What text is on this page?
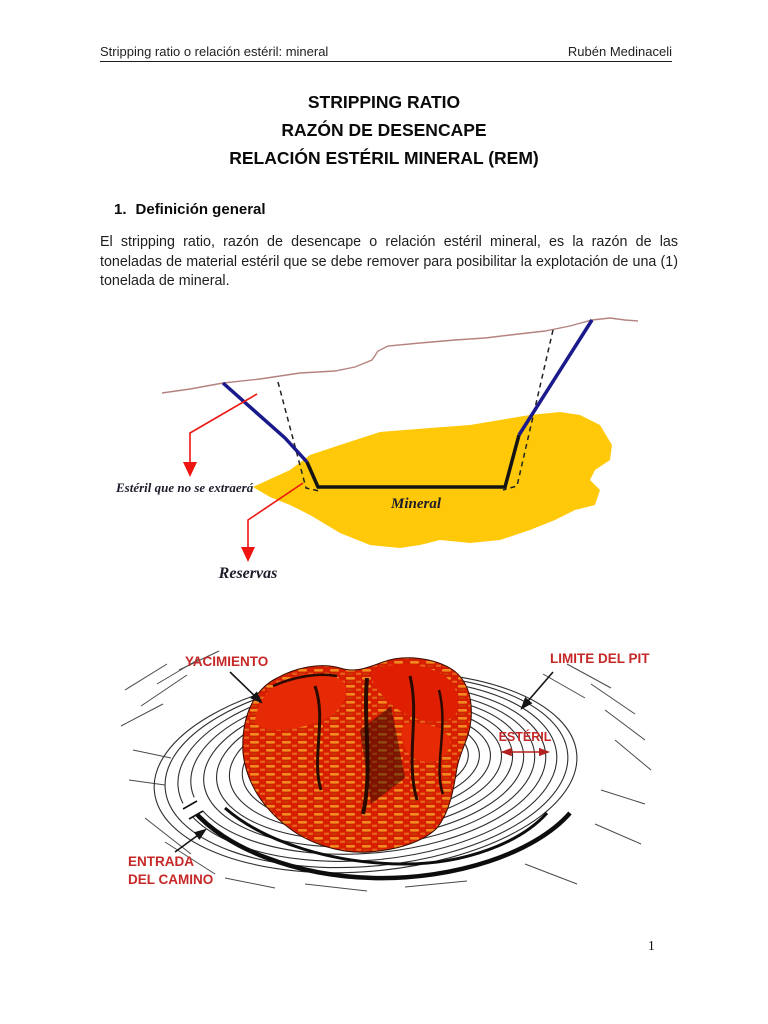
Stripping ratio o relación estéril: mineral	Rubén Medinaceli
STRIPPING RATIO
RAZÓN DE DESENCAPE
RELACIÓN ESTÉRIL MINERAL (REM)
1. Definición general

El stripping ratio, razón de desencape o relación estéril mineral, es la razón de las toneladas de material estéril que se debe remover para posibilitar la explotación de una (1) tonelada de mineral.

Estéril que no se extraerá
Reservas
Mineral
YACIMIENTO	LIMITE DEL PIT
ESTÉRIL
ENTRADA
DEL CAMINO
1
